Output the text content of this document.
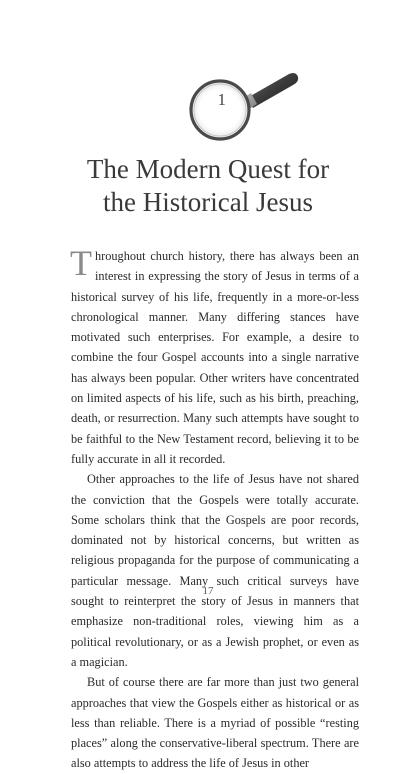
1
The Modern Quest for
the Historical Jesus

Throughout church history, there has always been an interest in expressing the story of Jesus in terms of a historical survey of his life, frequently in a more-or-less chronological manner. Many differing stances have motivated such enterprises. For example, a desire to combine the four Gospel accounts into a single narrative has always been popular. Other writers have concentrated on limited aspects of his life, such as his birth, preaching, death, or resurrection. Many such attempts have sought to be faithful to the New Testament record, believing it to be fully accurate in all it recorded.

Other approaches to the life of Jesus have not shared the conviction that the Gospels were totally accurate. Some scholars think that the Gospels are poor records, dominated not by historical concerns, but written as religious propaganda for the purpose of communicating a particular message. Many such critical surveys have sought to reinterpret the story of Jesus in manners that emphasize non-traditional roles, viewing him as a political revolutionary, or as a Jewish prophet, or even as a magician.

But of course there are far more than just two general approaches that view the Gospels either as historical or as less than reliable. There is a myriad of possible “resting places” along the conservative-liberal spectrum. There are also attempts to address the life of Jesus in other

17
